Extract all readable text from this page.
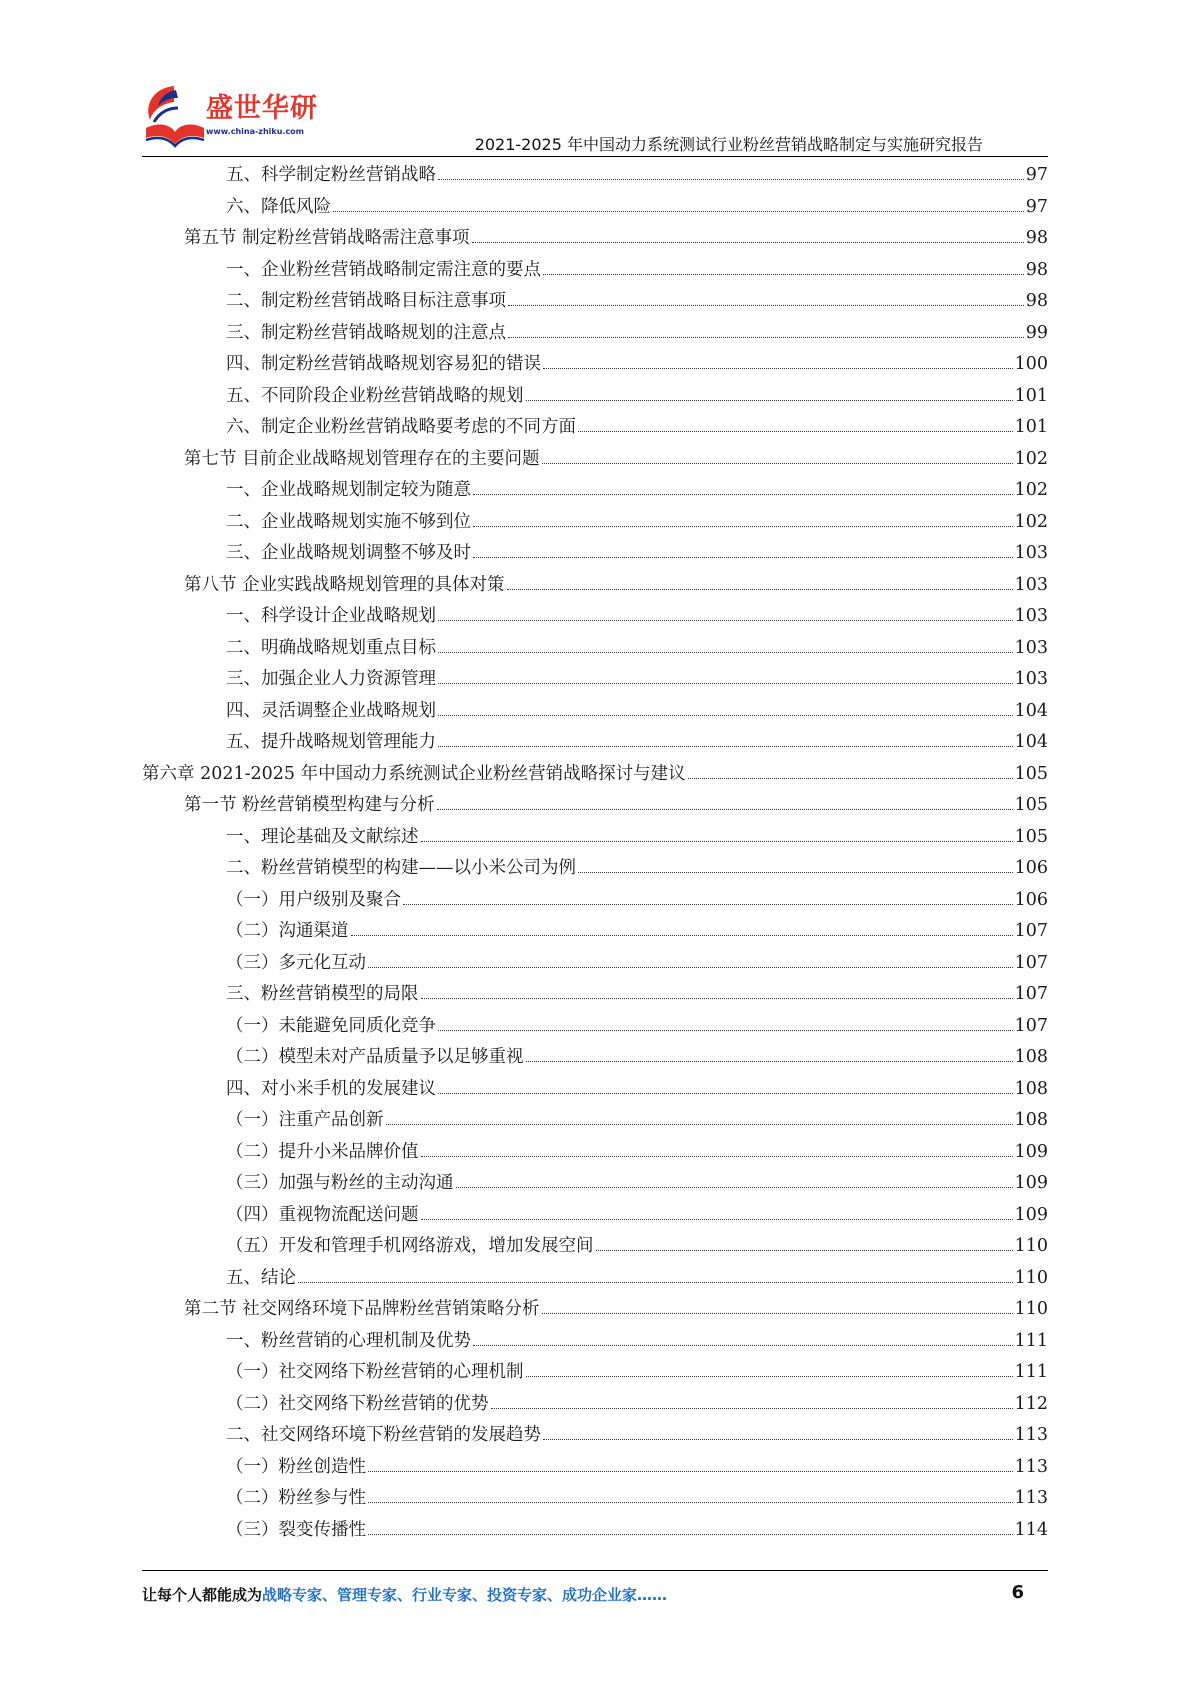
盛世华研
www.china-zhiku.com
2021-2025 年中国动力系统测试行业粉丝营销战略制定与实施研究报告
五、科学制定粉丝营销战略	97
六、降低风险	97
第五节 制定粉丝营销战略需注意事项	98
一、企业粉丝营销战略制定需注意的要点	98
二、制定粉丝营销战略目标注意事项	98
三、制定粉丝营销战略规划的注意点	99
四、制定粉丝营销战略规划容易犯的错误	100
五、不同阶段企业粉丝营销战略的规划	101
六、制定企业粉丝营销战略要考虑的不同方面	101
第七节 目前企业战略规划管理存在的主要问题	102
一、企业战略规划制定较为随意	102
二、企业战略规划实施不够到位	102
三、企业战略规划调整不够及时	103
第八节 企业实践战略规划管理的具体对策	103
一、科学设计企业战略规划	103
二、明确战略规划重点目标	103
三、加强企业人力资源管理	103
四、灵活调整企业战略规划	104
五、提升战略规划管理能力	104
第六章 2021-2025 年中国动力系统测试企业粉丝营销战略探讨与建议	105
第一节 粉丝营销模型构建与分析	105
一、理论基础及文献综述	105
二、粉丝营销模型的构建——以小米公司为例	106
（一）用户级别及聚合	106
（二）沟通渠道	107
（三）多元化互动	107
三、粉丝营销模型的局限	107
（一）未能避免同质化竞争	107
（二）模型未对产品质量予以足够重视	108
四、对小米手机的发展建议	108
（一）注重产品创新	108
（二）提升小米品牌价值	109
（三）加强与粉丝的主动沟通	109
（四）重视物流配送问题	109
（五）开发和管理手机网络游戏，增加发展空间	110
五、结论	110
第二节 社交网络环境下品牌粉丝营销策略分析	110
一、粉丝营销的心理机制及优势	111
（一）社交网络下粉丝营销的心理机制	111
（二）社交网络下粉丝营销的优势	112
二、社交网络环境下粉丝营销的发展趋势	113
（一）粉丝创造性	113
（二）粉丝参与性	113
（三）裂变传播性	114
让每个人都能成为战略专家、管理专家、行业专家、投资专家、成功企业家……	6
